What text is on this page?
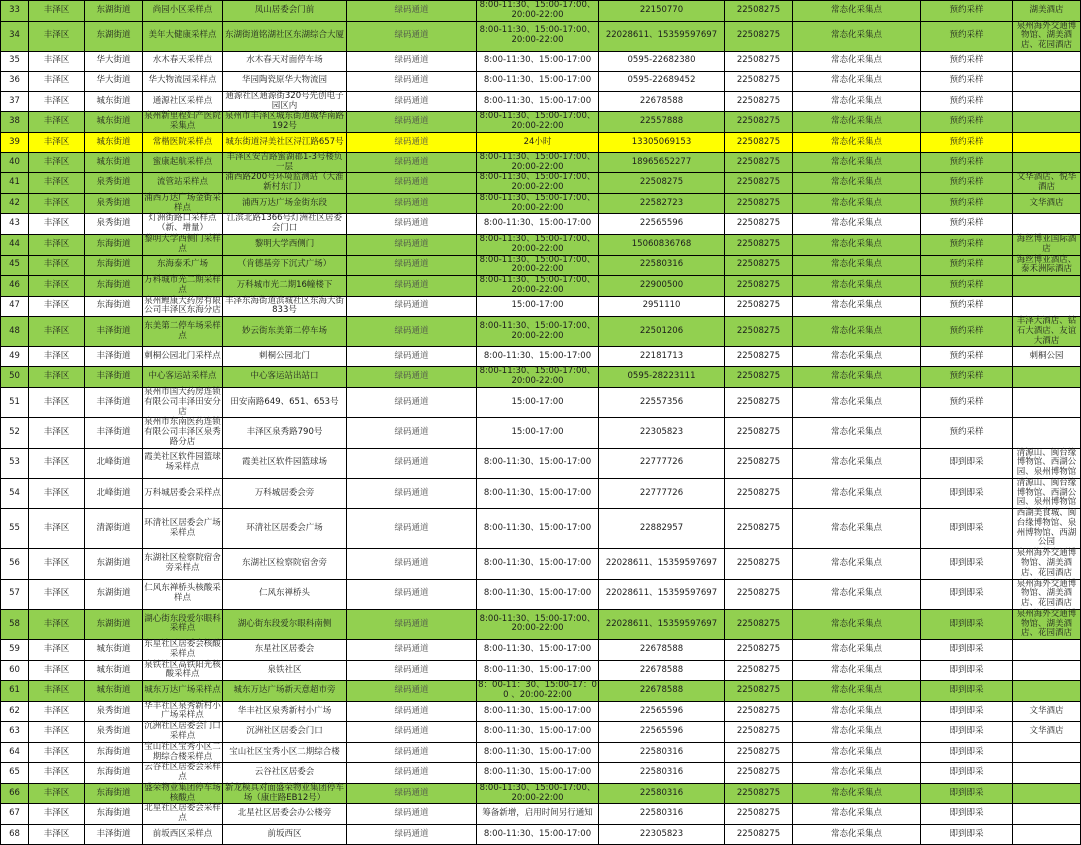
33	丰泽区	东湖街道	尚园小区采样点	凤山居委会门前	绿码通道	8:00-11:30、15:00-17:00、20:00-22:00	22150770	22508275	常态化采集点	预约采样	湖美酒店
34	丰泽区	东湖街道	美年大健康采样点	东湖街道铭湖社区东湖综合大厦	绿码通道	8:00-11:30、15:00-17:00、20:00-22:00	22028611、15359597697	22508275	常态化采集点	预约采样	泉州海外交通博物馆、湖美酒店、花园酒店
35	丰泽区	华大街道	水木春天采样点	水木春天对面停车场	绿码通道	8:00-11:30、15:00-17:00	0595-22682380	22508275	常态化采集点	预约采样	
36	丰泽区	华大街道	华大物流园采样点	华园陶瓷原华大物流园	绿码通道	8:00-11:30、15:00-17:00	0595-22689452	22508275	常态化采集点	预约采样	
37	丰泽区	城东街道	通源社区采样点	通源社区通源街320号先创电子园区内	绿码通道	8:00-11:30、15:00-17:00	22678588	22508275	常态化采集点	预约采样	
38	丰泽区	城东街道	泉州新里程妇产医院采集点	泉州市丰泽区城东街道城华南路192号	绿码通道	8:00-11:30、15:00-17:00、20:00-22:00	22557888	22508275	常态化采集点	预约采样	
39	丰泽区	城东街道	常楷医院采样点	城东街道浔美社区浔江路657号	绿码通道	24小时	13305069153	22508275	常态化采集点	预约采样	
40	丰泽区	城东街道	蜜康起航采样点	丰泽区安吉路蜜湖郡1-3号楼负一层	绿码通道	8:00-11:30、15:00-17:00、20:00-22:00	18965652277	22508275	常态化采集点	预约采样	
41	丰泽区	泉秀街道	流管站采样点	浦西路200号环境监测站（大淮新村东门）	绿码通道	8:00-11:30、15:00-17:00、20:00-22:00	22508275	22508275	常态化采集点	预约采样	文华酒店、悦华酒店
42	丰泽区	泉秀街道	浦西万达广场金街采样点	浦西万达广场金街东段	绿码通道	8:00-11:30、15:00-17:00、20:00-22:00	22582723	22508275	常态化采集点	预约采样	文华酒店
43	丰泽区	泉秀街道	灯洲街路口采样点（新、增量）	江滨北路1366号灯洲社区居委会门口	绿码通道	8:00-11:30、15:00-17:00	22565596	22508275	常态化采集点	预约采样	
44	丰泽区	东海街道	黎明大学西侧门采样点	黎明大学西侧门	绿码通道	8:00-11:30、15:00-17:00、20:00-22:00	15060836768	22508275	常态化采集点	预约采样	海丝博亚国际酒店
45	丰泽区	东海街道	东海泰禾广场	（肯德基旁下沉式广场）	绿码通道	8:00-11:30、15:00-17:00、20:00-22:00	22580316	22508275	常态化采集点	预约采样	海丝博亚酒店、泰禾洲际酒店
46	丰泽区	东海街道	万科城市光二期采样点	万科城市光二期16幢楼下	绿码通道	8:00-11:30、15:00-17:00、20:00-22:00	22900500	22508275	常态化采集点	预约采样	
47	丰泽区	东海街道	泉州鲤康大药房有限公司丰泽区东海分店	丰泽东海街道滨城社区东海大街833号	绿码通道	15:00-17:00	2951110	22508275	常态化采集点	预约采样	
48	丰泽区	丰泽街道	东美第二停车场采样点	妙云街东美第二停车场	绿码通道	8:00-11:30、15:00-17:00、20:00-22:00	22501206	22508275	常态化采集点	预约采样	丰泽大酒店、钻石大酒店、友谊大酒店
49	丰泽区	丰泽街道	刺桐公园北门采样点	刺桐公园北门	绿码通道	8:00-11:30、15:00-17:00	22181713	22508275	常态化采集点	预约采样	刺桐公园
50	丰泽区	丰泽街道	中心客运站采样点	中心客运站出站口	绿码通道	8:00-11:30、15:00-17:00、20:00-22:00	0595-28223111	22508275	常态化采集点	预约采样	
51	丰泽区	丰泽街道	泉州市国大药房连锁有限公司丰泽田安分店	田安南路649、651、653号	绿码通道	15:00-17:00	22557356	22508275	常态化采集点	预约采样	
52	丰泽区	丰泽街道	泉州市东南医药连锁有限公司丰泽区泉秀路分店	丰泽区泉秀路790号	绿码通道	15:00-17:00	22305823	22508275	常态化采集点	预约采样	
53	丰泽区	北峰街道	霞美社区软件园篮球场采样点	霞美社区软件园篮球场	绿码通道	8:00-11:30、15:00-17:00	22777726	22508275	常态化采集点	即到即采	清源山、闽台缘博物馆、西湖公园、泉州博物馆
54	丰泽区	北峰街道	万科城居委会采样点	万科城居委会旁	绿码通道	8:00-11:30、15:00-17:00	22777726	22508275	常态化采集点	即到即采	清源山、闽台缘博物馆、西湖公园、泉州博物馆
55	丰泽区	清源街道	环清社区居委会广场采样点	环清社区居委会广场	绿码通道	8:00-11:30、15:00-17:00	22882957	22508275	常态化采集点	即到即采	西湖美食城、闽台缘博物馆、泉州博物馆、西湖公园
56	丰泽区	东湖街道	东湖社区检察院宿舍旁采样点	东湖社区检察院宿舍旁	绿码通道	8:00-11:30、15:00-17:00	22028611、15359597697	22508275	常态化采集点	即到即采	泉州海外交通博物馆、湖美酒店、花园酒店
57	丰泽区	东湖街道	仁风东禅桥头核酸采样点	仁风东禅桥头	绿码通道	8:00-11:30、15:00-17:00	22028611、15359597697	22508275	常态化采集点	即到即采	泉州海外交通博物馆、湖美酒店、花园酒店
58	丰泽区	东湖街道	湖心街东段爱尔眼科采样点	湖心街东段爱尔眼科南侧	绿码通道	8:00-11:30、15:00-17:00、20:00-22:00	22028611、15359597697	22508275	常态化采集点	即到即采	泉州海外交通博物馆、湖美酒店、花园酒店
59	丰泽区	城东街道	东星社区居委会核酸采样点	东星社区居委会	绿码通道	8:00-11:30、15:00-17:00	22678588	22508275	常态化采集点	即到即采	
60	丰泽区	城东街道	泉铁社区高铁阳光核酸采样点	泉铁社区	绿码通道	8:00-11:30、15:00-17:00	22678588	22508275	常态化采集点	即到即采	
61	丰泽区	城东街道	城东万达广场采样点	城东万达广场新天意超市旁	绿码通道	8：00-11：30、15:00-17：00 、20:00-22:00	22678588	22508275	常态化采集点	即到即采	
62	丰泽区	泉秀街道	华丰社区泉秀新村小广场采样点	华丰社区泉秀新村小广场	绿码通道	8:00-11:30、15:00-17:00	22565596	22508275	常态化采集点	即到即采	文华酒店
63	丰泽区	泉秀街道	沉洲社区居委会门口采样点	沉洲社区居委会门口	绿码通道	8:00-11:30、15:00-17:00	22565596	22508275	常态化采集点	即到即采	文华酒店
64	丰泽区	东海街道	宝山社区宝秀小区二期综合楼采样点	宝山社区宝秀小区二期综合楼	绿码通道	8:00-11:30、15:00-17:00	22580316	22508275	常态化采集点	即到即采	
65	丰泽区	东海街道	云谷社区居委会采样点	云谷社区居委会	绿码通道	8:00-11:30、15:00-17:00	22580316	22508275	常态化采集点	即到即采	
66	丰泽区	东海街道	盛荣物业集团停车场核酸点	新龙模具对面盛荣物业集团停车场（康庄路EB12号）	绿码通道	8:00-11:30、15:00-17:00、20:00-22:00	22580316	22508275	常态化采集点	即到即采	
67	丰泽区	东海街道	北星社区居委会采样点	北星社区居委会办公楼旁	绿码通道	筹备新增，启用时间另行通知	22580316	22508275	常态化采集点	即到即采	
68	丰泽区	丰泽街道	前坂西区采样点	前坂西区	绿码通道	8:00-11:30、15:00-17:00	22305823	22508275	常态化采集点	即到即采	
